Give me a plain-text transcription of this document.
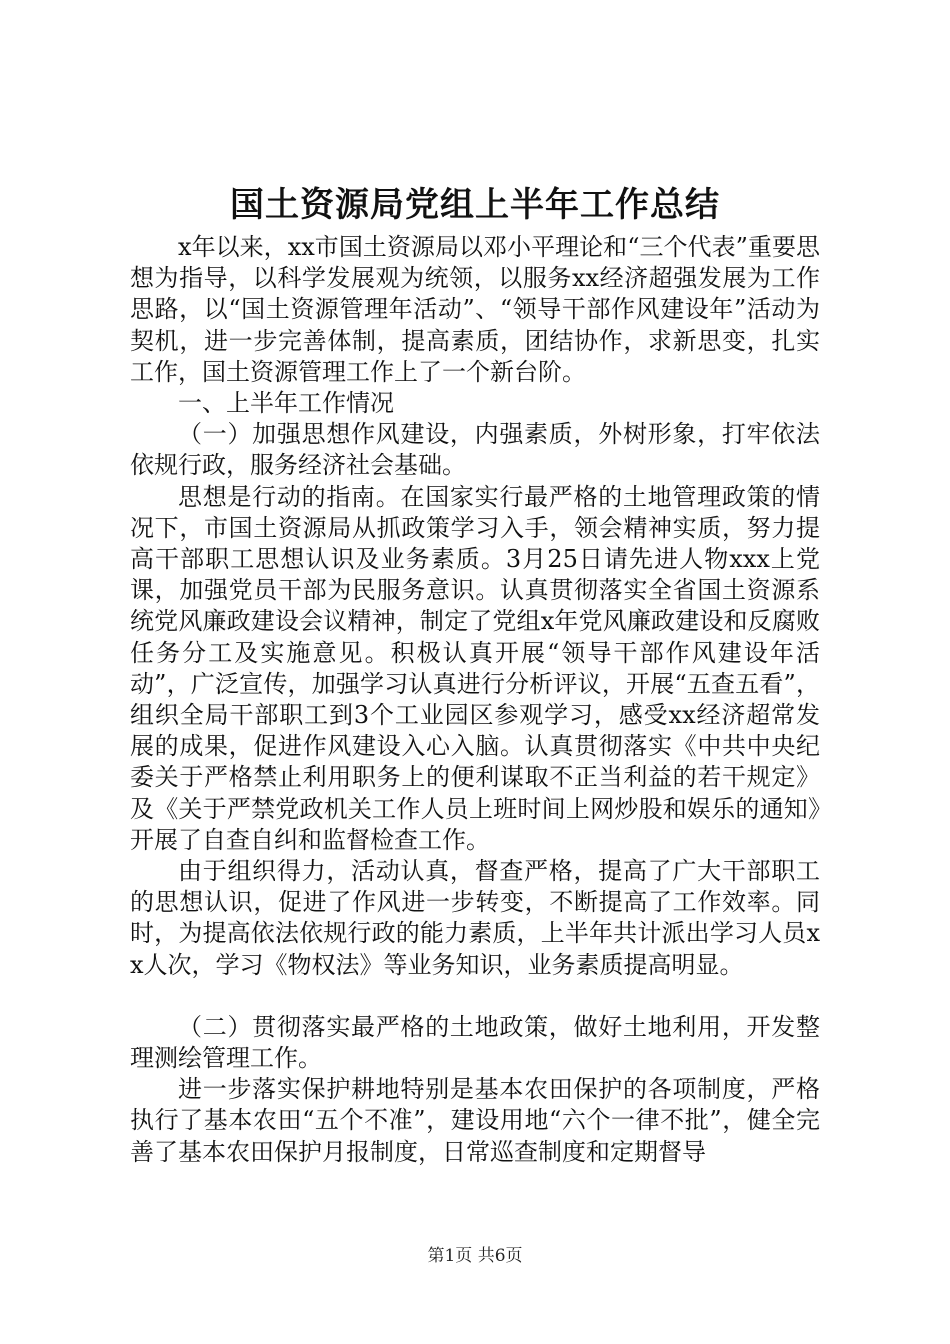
国土资源局党组上半年工作总结

x年以来，xx市国土资源局以邓小平理论和“三个代表”重要思想为指导，以科学发展观为统领，以服务xx经济超强发展为工作思路，以“国土资源管理年活动”、“领导干部作风建设年”活动为契机，进一步完善体制，提高素质，团结协作，求新思变，扎实工作，国土资源管理工作上了一个新台阶。

一、上半年工作情况

（一）加强思想作风建设，内强素质，外树形象，打牢依法依规行政，服务经济社会基础。

思想是行动的指南。在国家实行最严格的土地管理政策的情况下，市国土资源局从抓政策学习入手，领会精神实质，努力提高干部职工思想认识及业务素质。3月25日请先进人物xxx上党课，加强党员干部为民服务意识。认真贯彻落实全省国土资源系统党风廉政建设会议精神，制定了党组x年党风廉政建设和反腐败任务分工及实施意见。积极认真开展“领导干部作风建设年活动”，广泛宣传，加强学习认真进行分析评议，开展“五查五看”，组织全局干部职工到3个工业园区参观学习，感受xx经济超常发展的成果，促进作风建设入心入脑。认真贯彻落实《中共中央纪委关于严格禁止利用职务上的便利谋取不正当利益的若干规定》及《关于严禁党政机关工作人员上班时间上网炒股和娱乐的通知》开展了自查自纠和监督检查工作。

由于组织得力，活动认真，督查严格，提高了广大干部职工的思想认识，促进了作风进一步转变，不断提高了工作效率。同时，为提高依法依规行政的能力素质，上半年共计派出学习人员xx人次，学习《物权法》等业务知识，业务素质提高明显。

（二）贯彻落实最严格的土地政策，做好土地利用，开发整理测绘管理工作。

进一步落实保护耕地特别是基本农田保护的各项制度，严格执行了基本农田“五个不准”，建设用地“六个一律不批”，健全完善了基本农田保护月报制度，日常巡查制度和定期督导

第1页 共6页
